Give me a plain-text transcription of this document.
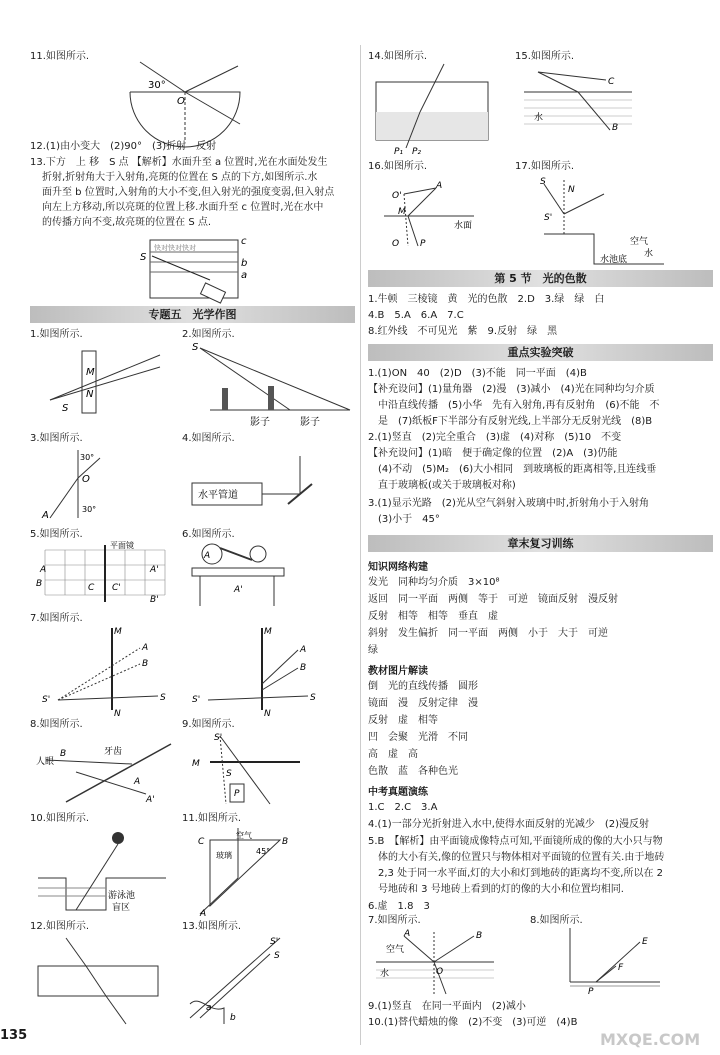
11.如图所示.
30°
O
12.(1)由小变大　(2)90°　(3)折射　反射
13.下方　上 移　S 点 【解析】水面升至 a 位置时,光在水面处发生
折射,折射角大于入射角,亮斑的位置在 S 点的下方,如图所示.水
面升至 b 位置时,入射角的大小不变,但入射光的强度变弱,但入射点
向左上方移动,所以亮斑的位置上移.水面升至 c 位置时,光在水中
的传播方向不变,故亮斑的位置在 S 点.
c
b
a
S
快对快对快对
专题五　光学作图
1.如图所示.
M
N
S
2.如图所示.
S
影子	影子
3.如图所示.
30°
O
30°
A
4.如图所示.
水平管道
5.如图所示.
平面镜
A	A'
B	C C'
B'
6.如图所示.
A
A'
7.如图所示.
M
A
B
S'
N
S
M
A
B
S'
N
S
8.如图所示.
人眼
B	牙齿
A
A'
9.如图所示.
S'
S
M
P
10.如图所示.
游泳池
盲区
11.如图所示.
C	B
空气
玻璃	45°
A
12.如图所示.	13.如图所示.
S'
S
a
b
135
14.如图所示.
P₁ P₂
15.如图所示.
C
B
水
16.如图所示.
O'
A
M
O P
水面
17.如图所示.
S
N
S'
空气
水
水池底
第 5 节　光的色散
1.牛顿　三棱镜　黄　光的色散　2.D　3.绿　绿　白
4.B　5.A　6.A　7.C
8.红外线　不可见光　紫　9.反射　绿　黑
重点实验突破
1.(1)ON　40　(2)D　(3)不能　同一平面　(4)B
【补充设问】(1)量角器　(2)漫　(3)减小　(4)光在同种均匀介质
中沿直线传播　(5)小华　先有入射角,再有反射角　(6)不能　不
是　(7)纸板F下半部分有反射光线,上半部分无反射光线　(8)B
2.(1)竖直　(2)完全重合　(3)虚　(4)对称　(5)10　不变
【补充设问】(1)暗　便于确定像的位置　(2)A　(3)仍能
(4)不动　(5)M₂　(6)大小相同　到玻璃板的距离相等,且连线垂
直于玻璃板(或关于玻璃板对称)
3.(1)显示光路　(2)光从空气斜射入玻璃中时,折射角小于入射角
(3)小于　45°
章末复习训练
知识网络构建
发光　同种均匀介质　3×10⁸
返回　同一平面　两侧　等于　可逆　镜面反射　漫反射
反射　相等　相等　垂直　虚
斜射　发生偏折　同一平面　两侧　小于　大于　可逆
绿
教材图片解读
倒　光的直线传播　圆形
镜面　漫　反射定律　漫
反射　虚　相等
凹　会聚　光滑　不同
高　虚　高
色散　蓝　各种色光
中考真题演练
1.C　2.C　3.A
4.(1)一部分光折射进入水中,使得水面反射的光减少　(2)漫反射
5.B　【解析】由平面镜成像特点可知,平面镜所成的像的大小只与物
体的大小有关,像的位置只与物体相对平面镜的位置有关.由于地砖
2,3 处于同一水平面,灯的大小和灯到地砖的距离均不变,所以在 2
号地砖和 3 号地砖上看到的灯的像的大小和位置均相同.
6.虚　1.8　3
7.如图所示.
空气
A
O
B
水
8.如图所示.
E
F
P
9.(1)竖直　在同一平面内　(2)减小
10.(1)替代蜡烛的像　(2)不变　(3)可逆　(4)B
MXQE.COM
